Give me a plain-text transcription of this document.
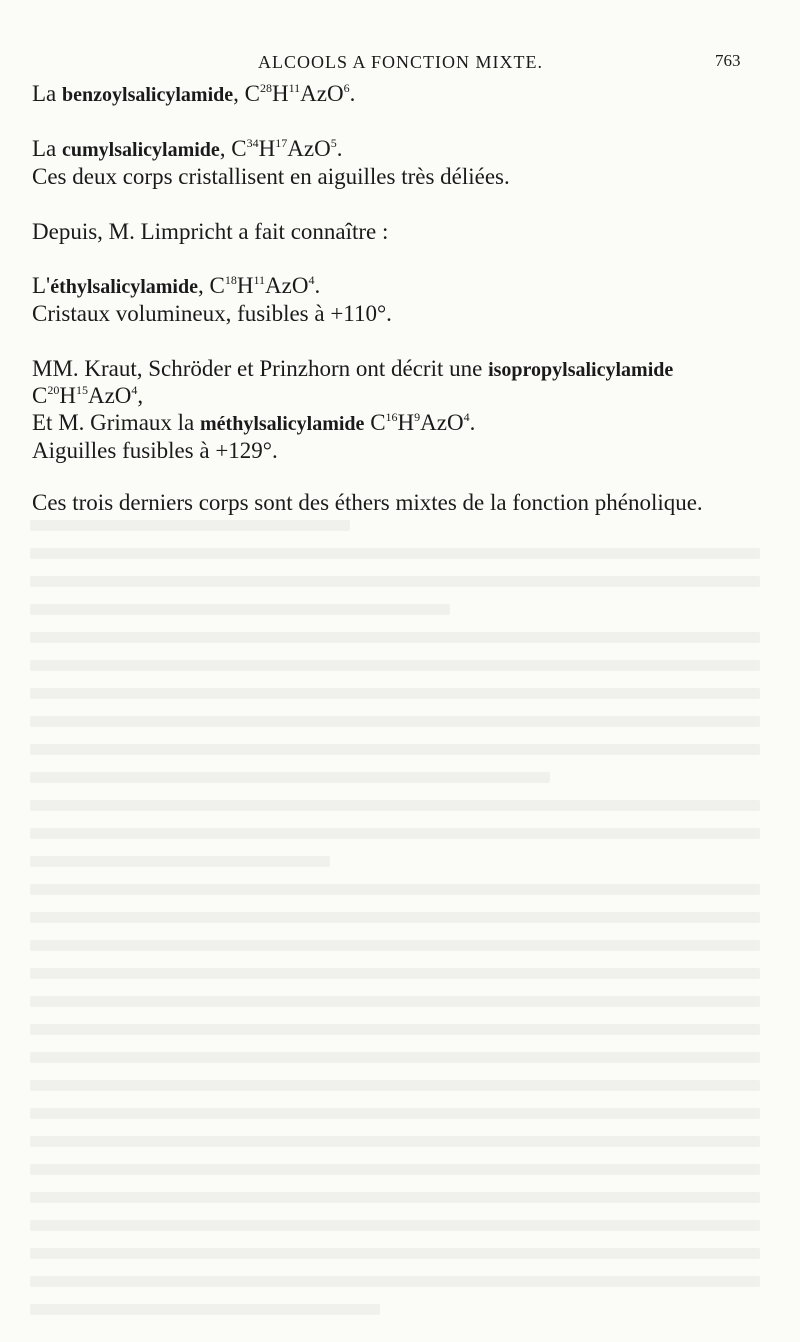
ALCOOLS A FONCTION MIXTE.	763
La benzoylsalicylamide, $C^{28}H^{11}AzO^6$.
La cumylsalicylamide, $C^{34}H^{17}AzO^5$.
Ces deux corps cristallisent en aiguilles très déliées.
Depuis, M. Limpricht a fait connaître :
L'éthylsalicylamide, $C^{18}H^{11}AzO^4$.
Cristaux volumineux, fusibles à +110°.
MM. Kraut, Schröder et Prinzhorn ont décrit une isopropylsalicylamide
$C^{20}H^{15}AzO^4$,
Et M. Grimaux la méthylsalicylamide $C^{16}H^9AzO^4$.
Aiguilles fusibles à +129°.
Ces trois derniers corps sont des éthers mixtes de la fonction phénolique.
